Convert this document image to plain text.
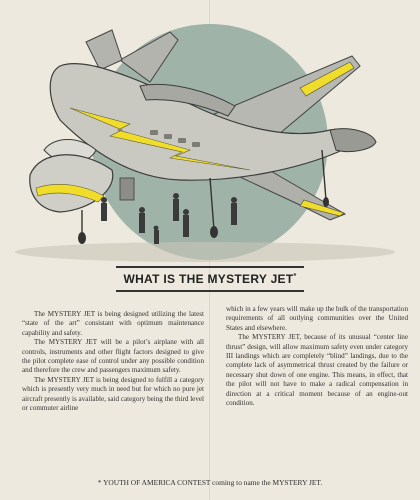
WHAT IS THE MYSTERY JET*

The MYSTERY JET is being designed utilizing the latest “state of the art” consistant with optimum maintenance capability and safety.

The MYSTERY JET will be a pilot’s airplane with all controls, instruments and other flight factors designed to give the pilot complete ease of control under any possible condition and therefore the crew and passengers maximum safety.

The MYSTERY JET is being designed to fulfill a category which is presently very much in need but for which no pure jet aircraft presently is available, said category being the third level or commuter airline

which in a few years will make up the bulk of the transportation requirements of all outlying communities over the United States and elsewhere.

The MYSTERY JET, because of its unusual “center line thrust” design, will allow maximum safety even under category III landings which are completely “blind” landings, due to the complete lack of asymmetrical thrust created by the failure or necessary shut down of one engine. This means, in effect, that the pilot will not have to make a radical compensation in direction at a critical moment because of an engine-out condition.

* YOUTH OF AMERICA CONTEST coming to name the MYSTERY JET.
